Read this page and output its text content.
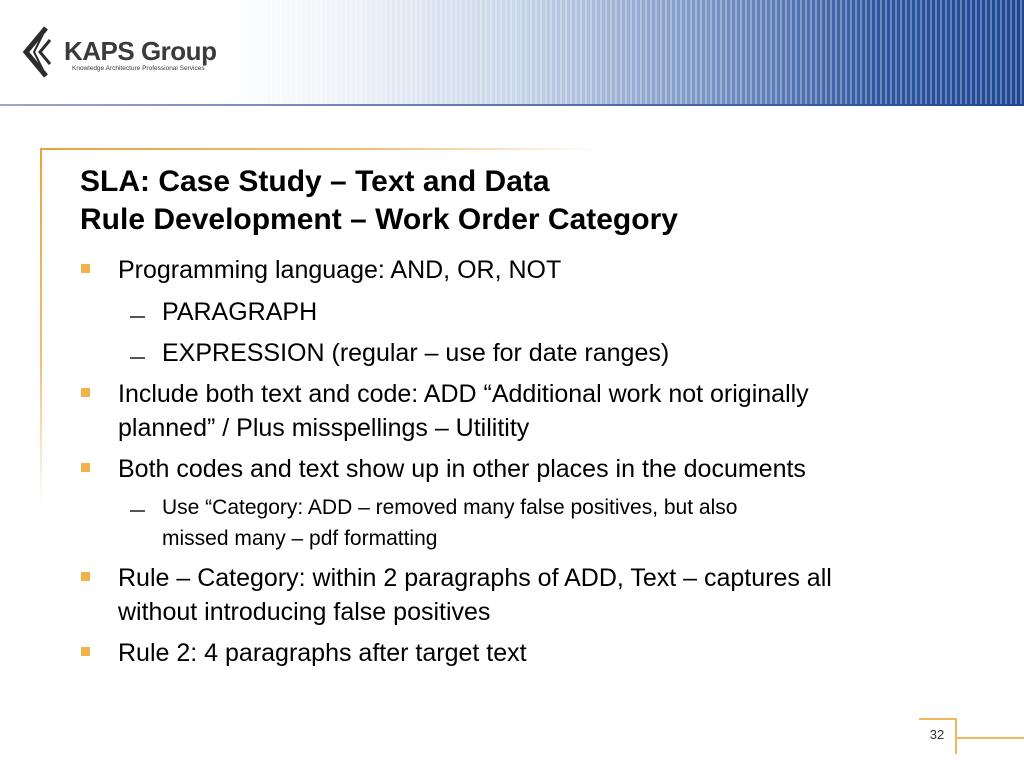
KAPS Group
Knowledge Architecture Professional Services
SLA: Case Study – Text and Data
Rule Development – Work Order Category
Programming language: AND, OR, NOT
PARAGRAPH
EXPRESSION (regular – use for date ranges)
Include both text and code: ADD “Additional work not originally
planned” / Plus misspellings – Utilitity
Both codes and text show up in other places in the documents
Use “Category: ADD – removed many false positives, but also
missed many – pdf formatting
Rule – Category: within 2 paragraphs of ADD, Text – captures all
without introducing false positives
Rule 2: 4 paragraphs after target text
32
